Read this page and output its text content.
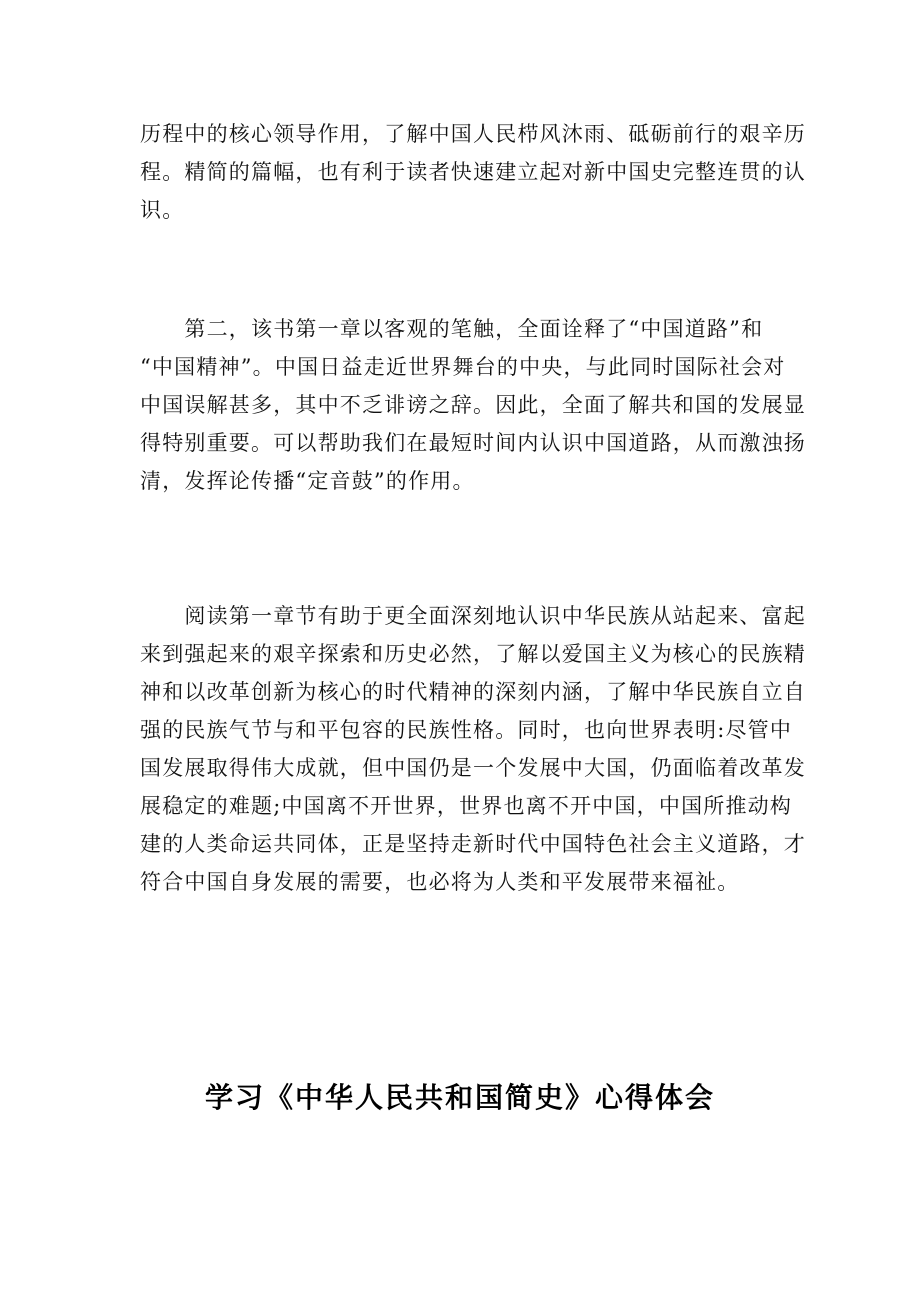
历程中的核心领导作用，了解中国人民栉风沐雨、砥砺前行的艰辛历
程。精简的篇幅，也有利于读者快速建立起对新中国史完整连贯的认
识。

　　第二，该书第一章以客观的笔触，全面诠释了“中国道路”和
“中国精神”。中国日益走近世界舞台的中央，与此同时国际社会对
中国误解甚多，其中不乏诽谤之辞。因此，全面了解共和国的发展显
得特别重要。可以帮助我们在最短时间内认识中国道路，从而激浊扬
清，发挥论传播“定音鼓”的作用。

　　阅读第一章节有助于更全面深刻地认识中华民族从站起来、富起
来到强起来的艰辛探索和历史必然，了解以爱国主义为核心的民族精
神和以改革创新为核心的时代精神的深刻内涵，了解中华民族自立自
强的民族气节与和平包容的民族性格。同时，也向世界表明:尽管中
国发展取得伟大成就，但中国仍是一个发展中大国，仍面临着改革发
展稳定的难题;中国离不开世界，世界也离不开中国，中国所推动构
建的人类命运共同体，正是坚持走新时代中国特色社会主义道路，才
符合中国自身发展的需要，也必将为人类和平发展带来福祉。

学习《中华人民共和国简史》心得体会
